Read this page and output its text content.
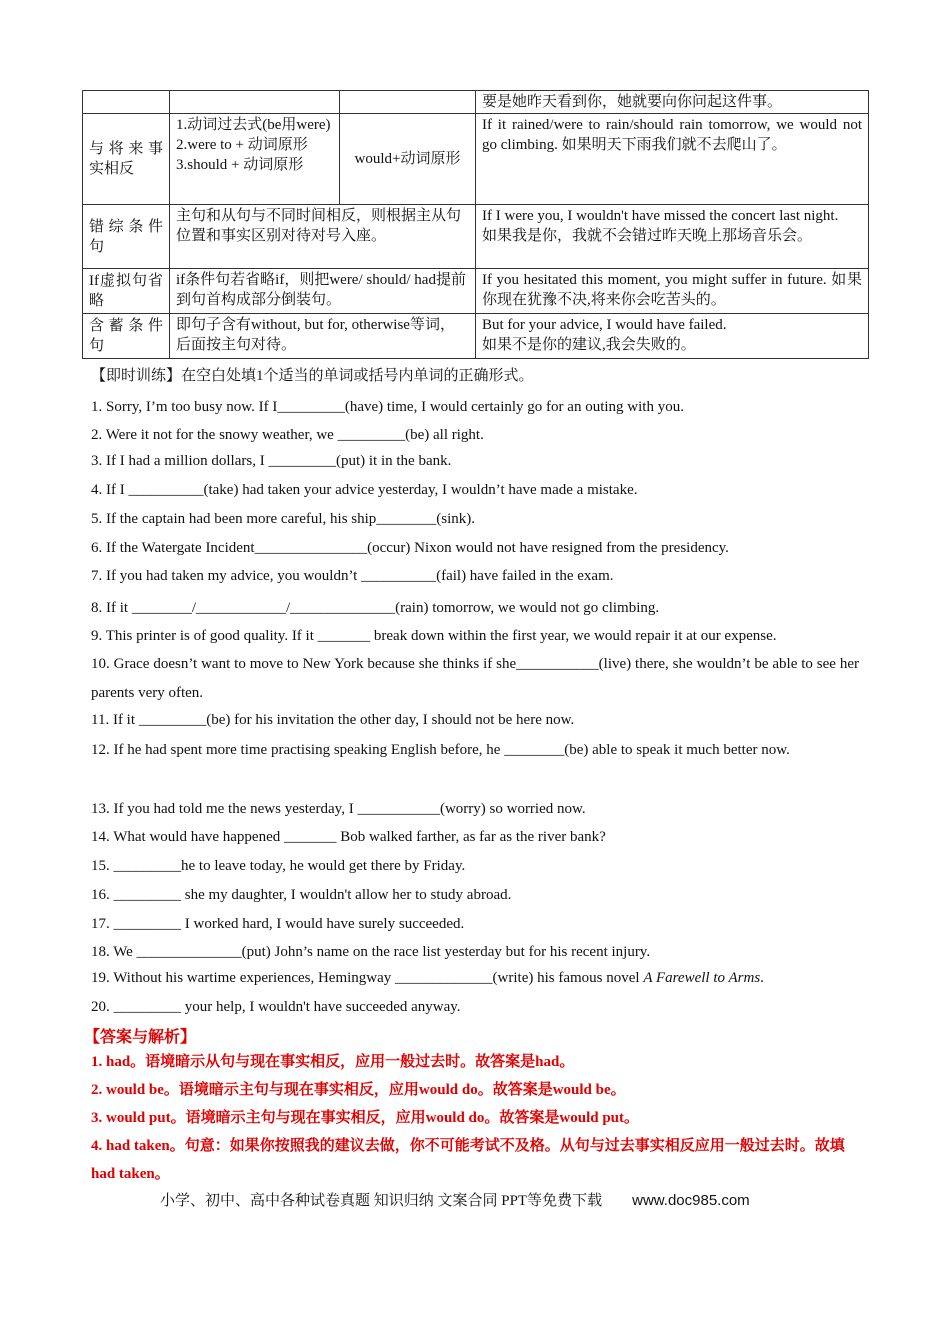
			要是她昨天看到你，她就要向你问起这件事。
与将来事实相反	1.动词过去式(be用were)
2.were to + 动词原形
3.should + 动词原形	would+动词原形	If it rained/were to rain/should rain tomorrow, we would not go climbing. 如果明天下雨我们就不去爬山了。
错综条件句	主句和从句与不同时间相反，则根据主从句位置和事实区别对待对号入座。		If I were you, I wouldn't have missed the concert last night.
如果我是你，我就不会错过昨天晚上那场音乐会。

If虚拟句省略	if条件句若省略if，则把were/ should/ had提前到句首构成部分倒装句。		If you hesitated this moment, you might suffer in future. 如果你现在犹豫不决,将来你会吃苦头的。
含蓄条件句	即句子含有without, but for, otherwise等词，后面按主句对待。		But for your advice, I would have failed.
如果不是你的建议,我会失败的。
【即时训练】在空白处填1个适当的单词或括号内单词的正确形式。
1. Sorry, I’m too busy now. If I_________(have) time, I would certainly go for an outing with you.
2. Were it not for the snowy weather, we _________(be) all right.
3. If I had a million dollars, I _________(put) it in the bank.
4. If I __________(take) had taken your advice yesterday, I wouldn’t have made a mistake.
5. If the captain had been more careful, his ship________(sink).
6. If the Watergate Incident_______________(occur) Nixon would not have resigned from the presidency.
7. If you had taken my advice, you wouldn’t __________(fail) have failed in the exam.
8. If it ________/____________/______________(rain) tomorrow, we would not go climbing.
9. This printer is of good quality. If it _______ break down within the first year, we would repair it at our expense.
10. Grace doesn’t want to move to New York because she thinks if she___________(live) there, she wouldn’t be able to see her parents very often.
11. If it _________(be) for his invitation the other day, I should not be here now.
12. If he had spent more time practising speaking English before, he ________(be) able to speak it much better now.
13. If you had told me the news yesterday, I ___________(worry) so worried now.
14. What would have happened _______ Bob walked farther, as far as the river bank?
15. _________he to leave today, he would get there by Friday.
16. _________ she my daughter, I wouldn't allow her to study abroad.
17. _________ I worked hard, I would have surely succeeded.
18. We ______________(put) John’s name on the race list yesterday but for his recent injury.
19. Without his wartime experiences, Hemingway _____________(write) his famous novel A Farewell to Arms.
20. _________ your help, I wouldn't have succeeded anyway.
【答案与解析】
1. had。语境暗示从句与现在事实相反，应用一般过去时。故答案是had。
2. would be。语境暗示主句与现在事实相反，应用would do。故答案是would be。
3. would put。语境暗示主句与现在事实相反，应用would do。故答案是would put。
4. had taken。句意：如果你按照我的建议去做，你不可能考试不及格。从句与过去事实相反应用一般过去时。故填had taken。
小学、初中、高中各种试卷真题 知识归纳 文案合同 PPT等免费下载 www.doc985.com
